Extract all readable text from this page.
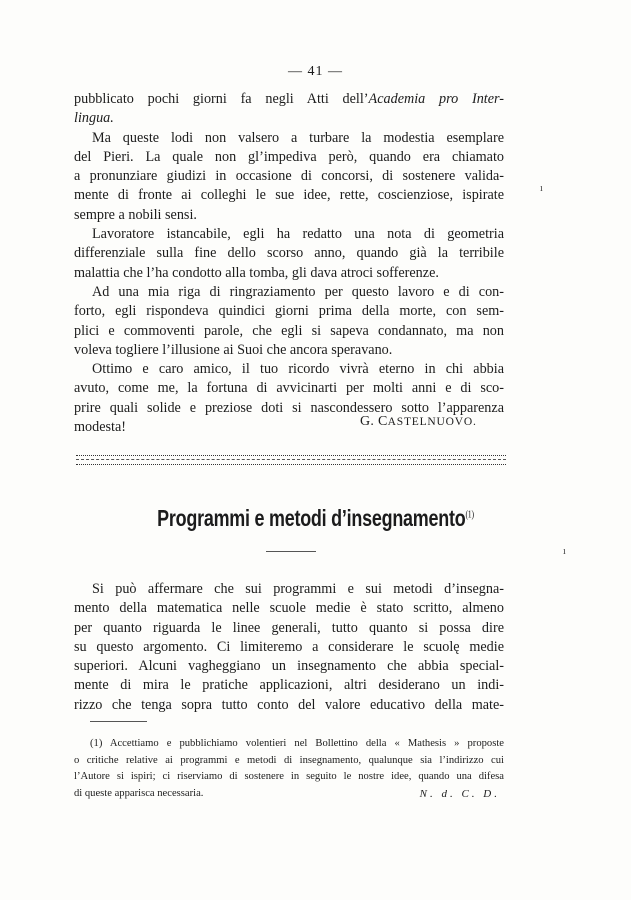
— 41 —

pubblicato pochi giorni fa negli Atti dell’Academia pro Inter-

lingua.

Ma queste lodi non valsero a turbare la modestia esemplare

del Pieri. La quale non gl’impediva però, quando era chiamato

a pronunziare giudizi in occasione di concorsi, di sostenere valida-

mente di fronte ai colleghi le sue idee, rette, coscienziose, ispirate

sempre a nobili sensi.

Lavoratore istancabile, egli ha redatto una nota di geometria

differenziale sulla fine dello scorso anno, quando già la terribile

malattia che l’ha condotto alla tomba, gli dava atroci sofferenze.

Ad una mia riga di ringraziamento per questo lavoro e di con-

forto, egli rispondeva quindici giorni prima della morte, con sem-

plici e commoventi parole, che egli si sapeva condannato, ma non

voleva togliere l’illusione ai Suoi che ancora speravano.

Ottimo e caro amico, il tuo ricordo vivrà eterno in chi abbia

avuto, come me, la fortuna di avvicinarti per molti anni e di sco-

prire quali solide e preziose doti si nascondessero sotto l’apparenza

modesta!	G. CASTELNUOVO.
Programmi e metodi d’insegnamento$^{(1)}$

Si può affermare che sui programmi e sui metodi d’insegna-

mento della matematica nelle scuole medie è stato scritto, almeno

per quanto riguarda le linee generali, tutto quanto si possa dire

su questo argomento. Ci limiteremo a considerare le scuolę medie

superiori. Alcuni vagheggiano un insegnamento che abbia special-

mente di mira le pratiche applicazioni, altri desiderano un indi-

rizzo che tenga sopra tutto conto del valore educativo della mate-

(1) Accettiamo e pubblichiamo volentieri nel Bollettino della « Mathesis » proposte

o critiche relative ai programmi e metodi di insegnamento, qualunque sia l’indirizzo cui

l’Autore si ispiri; ci riserviamo di sostenere in seguito le nostre idee, quando una difesa

di queste apparisca necessaria.	N. d. C. D.

ı
ı
